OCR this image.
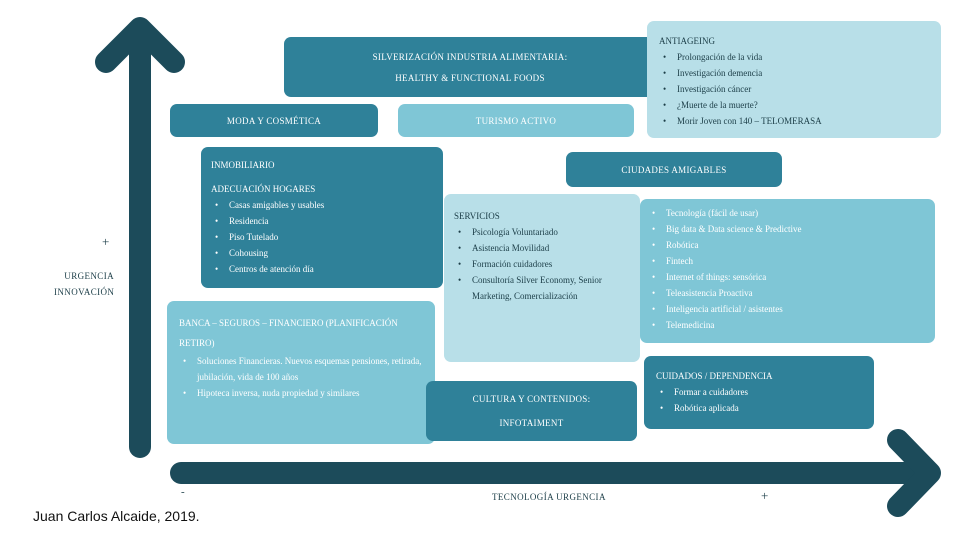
+
URGENCIA
INNOVACIÓN
-	TECNOLOGÍA URGENCIA	+
SILVERIZACIÓN INDUSTRIA ALIMENTARIA:
HEALTHY & FUNCTIONAL FOODS
ANTIAGEING
• Prolongación de la vida
• Investigación demencia
• Investigación cáncer
• ¿Muerte de la muerte?
• Morir Joven con 140 – TELOMERASA
MODA Y COSMÉTICA	TURISMO ACTIVO
CIUDADES AMIGABLES
INMOBILIARIO
ADECUACIÓN HOGARES
• Casas amigables y usables
• Residencia
• Piso Tutelado
• Cohousing
• Centros de atención día
SERVICIOS
• Psicología Voluntariado
• Asistencia Movilidad
• Formación cuidadores
• Consultoría Silver Economy, Senior Marketing, Comercialización
• Tecnología (fácil de usar)
• Big data & Data science & Predictive
• Robótica
• Fintech
• Internet of things: sensórica
• Teleasistencia Proactiva
• Inteligencia artificial / asistentes
• Telemedicina
BANCA – SEGUROS – FINANCIERO (PLANIFICACIÓN RETIRO)
• Soluciones Financieras. Nuevos esquemas pensiones, retirada, jubilación, vida de 100 años
• Hipoteca inversa, nuda propiedad y similares
CULTURA Y CONTENIDOS:
INFOTAIMENT
CUIDADOS / DEPENDENCIA
• Formar a cuidadores
• Robótica aplicada
Juan Carlos Alcaide, 2019.
